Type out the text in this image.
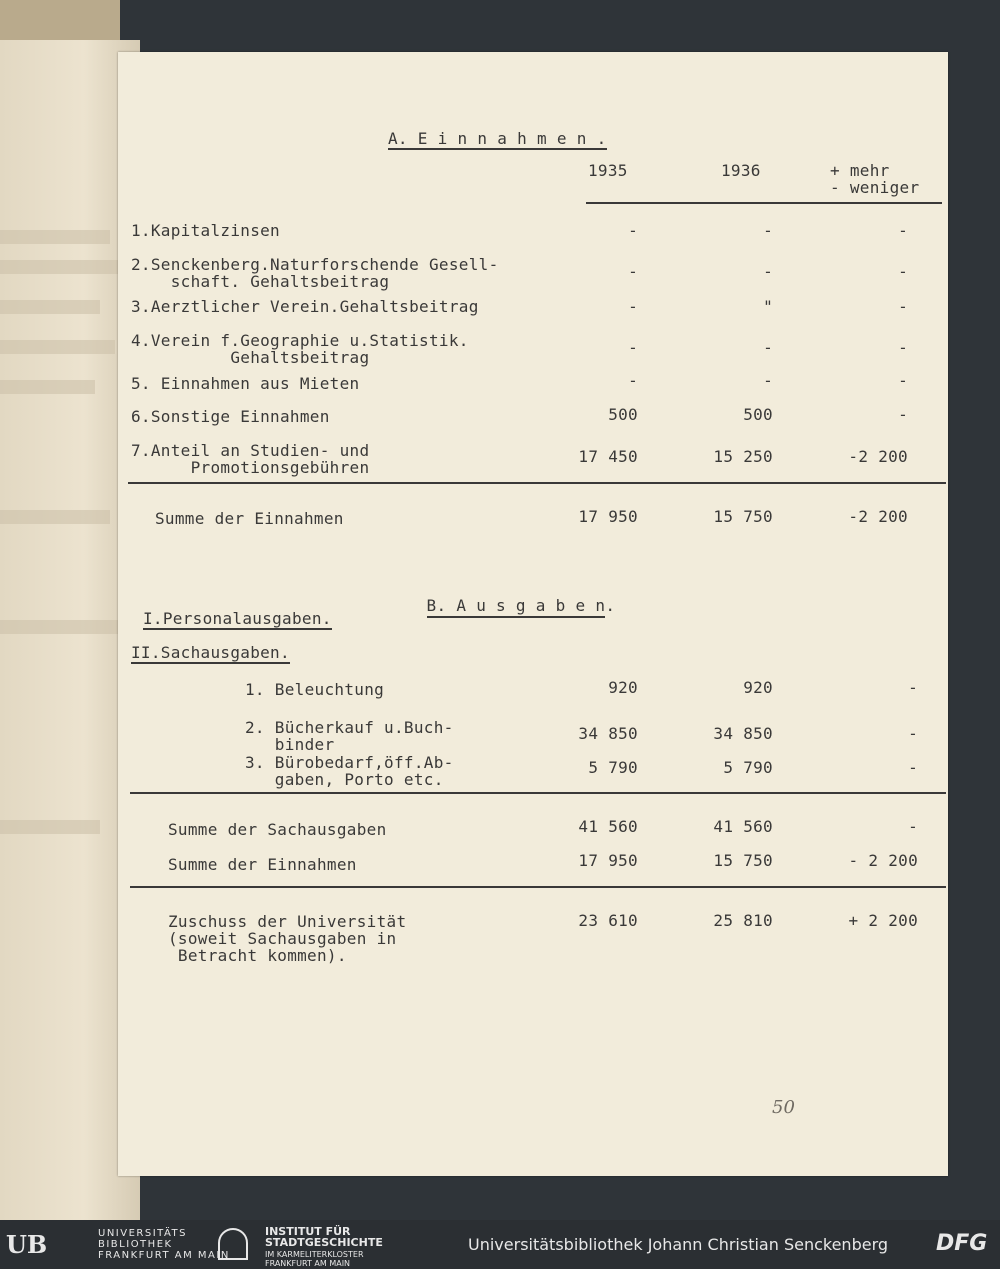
A. E i n n a h m e n .
1935	1936	+ mehr
- weniger
1.Kapitalzinsen	-	-	-
2.Senckenberg.Naturforschende Gesell-
schaft. Gehaltsbeitrag
-	-	-
3.Aerztlicher Verein.Gehaltsbeitrag	-	"	-
4.Verein f.Geographie u.Statistik.
Gehaltsbeitrag
-	-	-
5. Einnahmen aus Mieten	-	-	-
6.Sonstige Einnahmen	500	500	-
7.Anteil an Studien- und
Promotionsgebühren
17 450	15 250	-2 200
Summe der Einnahmen	17 950	15 750	-2 200

B. A u s g a b e n.

I.Personalausgaben.
II.Sachausgaben.
1. Beleuchtung	920	920	-
2. Bücherkauf u.Buch-
binder
34 850	34 850	-
3. Bürobedarf,öff.Ab-
gaben, Porto etc.
5 790	5 790	-
Summe der Sachausgaben	41 560	41 560	-
Summe der Einnahmen	17 950	15 750	- 2 200
Zuschuss der Universität
(soweit Sachausgaben in
Betracht kommen).
23 610	25 810	+ 2 200
50
UB	UNIVERSITÄTS
BIBLIOTHEK
FRANKFURT AM MAIN
INSTITUT FÜR
STADTGESCHICHTE
IM KARMELITERKLOSTER
FRANKFURT AM MAIN
Universitätsbibliothek Johann Christian Senckenberg DFG
